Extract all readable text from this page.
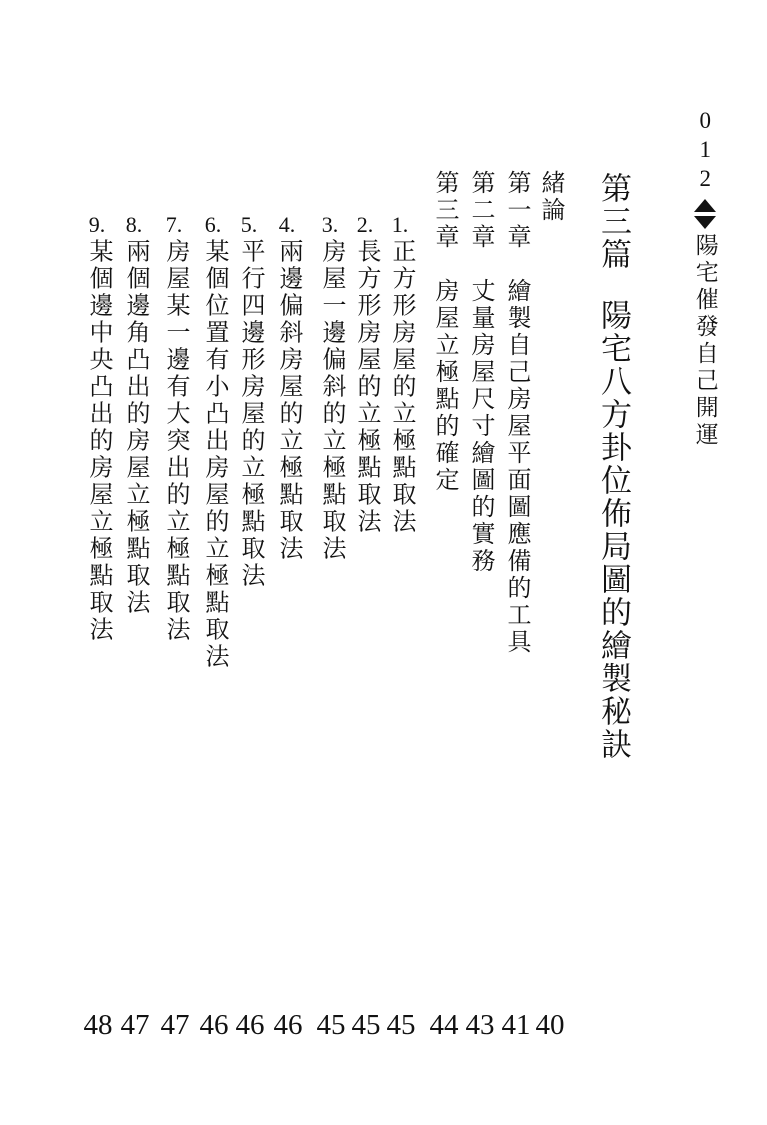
012
陽宅催發自己開運
第三篇陽宅八方卦位佈局圖的繪製秘訣
緒論
40
第一章繪製自己房屋平面圖應備的工具
41
第二章丈量房屋尺寸繪圖的實務
43
第三章房屋立極點的確定
44
1.正方形房屋的立極點取法
45
2.長方形房屋的立極點取法
45
3.房屋一邊偏斜的立極點取法
45
4.兩邊偏斜房屋的立極點取法
46
5.平行四邊形房屋的立極點取法
46
6.某個位置有小凸出房屋的立極點取法
46
7.房屋某一邊有大突出的立極點取法
47
8.兩個邊角凸出的房屋立極點取法
47
9.某個邊中央凸出的房屋立極點取法
48
